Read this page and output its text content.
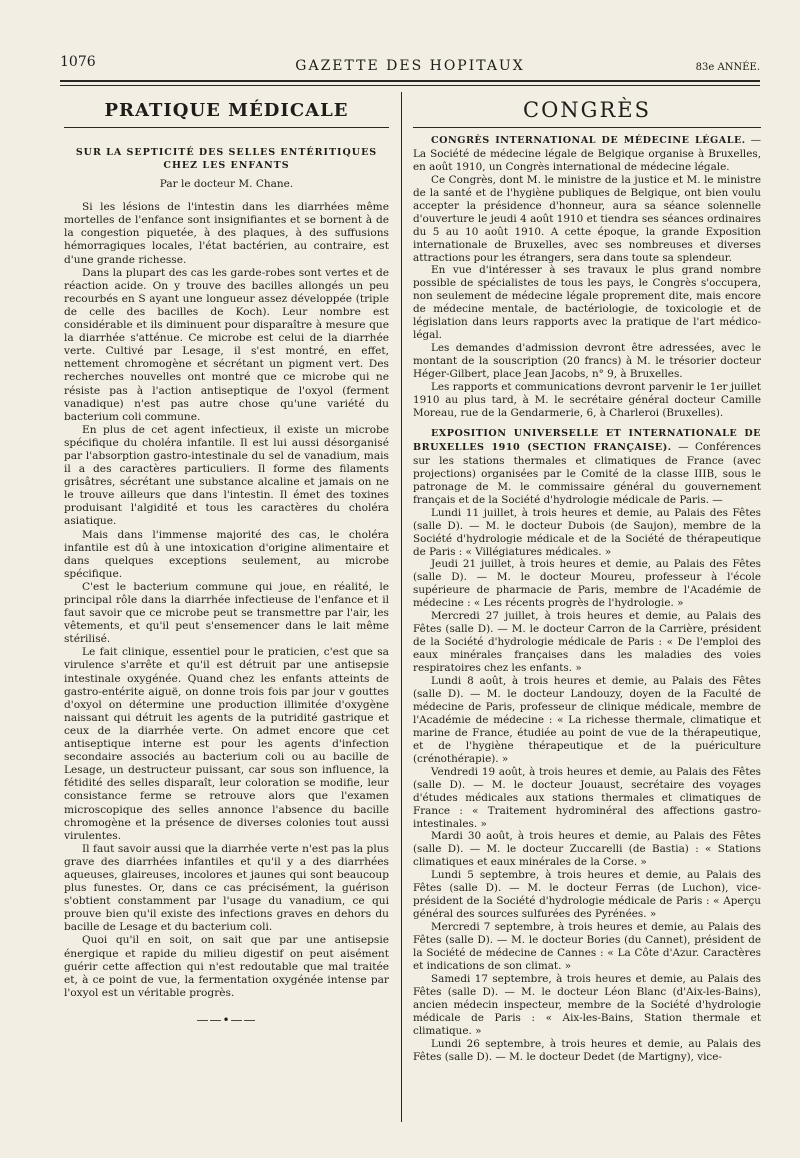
1076	GAZETTE DES HOPITAUX	83e ANNÉE.
PRATIQUE MÉDICALE
SUR LA SEPTICITÉ DES SELLES ENTÉRITIQUES CHEZ LES ENFANTS
Par le docteur M. Chane.

Si les lésions de l'intestin dans les diarrhées même mortelles de l'enfance sont insignifiantes et se bornent à de la congestion piquetée, à des plaques, à des suffusions hémorragiques locales, l'état bactérien, au contraire, est d'une grande richesse.

Dans la plupart des cas les garde-robes sont vertes et de réaction acide. On y trouve des bacilles allongés un peu recourbés en S ayant une longueur assez développée (triple de celle des bacilles de Koch). Leur nombre est considérable et ils diminuent pour disparaître à mesure que la diarrhée s'atténue. Ce microbe est celui de la diarrhée verte. Cultivé par Lesage, il s'est montré, en effet, nettement chromogène et sécrétant un pigment vert. Des recherches nouvelles ont montré que ce microbe qui ne résiste pas à l'action antiseptique de l'oxyol (ferment vanadique) n'est pas autre chose qu'une variété du bacterium coli commune.

En plus de cet agent infectieux, il existe un microbe spécifique du choléra infantile. Il est lui aussi désorganisé par l'absorption gastro-intestinale du sel de vanadium, mais il a des caractères particuliers. Il forme des filaments grisâtres, sécrétant une substance alcaline et jamais on ne le trouve ailleurs que dans l'intestin. Il émet des toxines produisant l'algidité et tous les caractères du choléra asiatique.

Mais dans l'immense majorité des cas, le choléra infantile est dû à une intoxication d'origine alimentaire et dans quelques exceptions seulement, au microbe spécifique.

C'est le bacterium commune qui joue, en réalité, le principal rôle dans la diarrhée infectieuse de l'enfance et il faut savoir que ce microbe peut se transmettre par l'air, les vêtements, et qu'il peut s'ensemencer dans le lait même stérilisé.

Le fait clinique, essentiel pour le praticien, c'est que sa virulence s'arrête et qu'il est détruit par une antisepsie intestinale oxygénée. Quand chez les enfants atteints de gastro-entérite aiguë, on donne trois fois par jour v gouttes d'oxyol on détermine une production illimitée d'oxygène naissant qui détruit les agents de la putridité gastrique et ceux de la diarrhée verte. On admet encore que cet antiseptique interne est pour les agents d'infection secondaire associés au bacterium coli ou au bacille de Lesage, un destructeur puissant, car sous son influence, la fétidité des selles disparaît, leur coloration se modifie, leur consistance ferme se retrouve alors que l'examen microscopique des selles annonce l'absence du bacille chromogène et la présence de diverses colonies tout aussi virulentes.

Il faut savoir aussi que la diarrhée verte n'est pas la plus grave des diarrhées infantiles et qu'il y a des diarrhées aqueuses, glaireuses, incolores et jaunes qui sont beaucoup plus funestes. Or, dans ce cas précisément, la guérison s'obtient constamment par l'usage du vanadium, ce qui prouve bien qu'il existe des infections graves en dehors du bacille de Lesage et du bacterium coli.

Quoi qu'il en soit, on sait que par une antisepsie énergique et rapide du milieu digestif on peut aisément guérir cette affection qui n'est redoutable que mal traitée et, à ce point de vue, la fermentation oxygénée intense par l'oxyol est un véritable progrès.

——•——
CONGRÈS

CONGRÈS INTERNATIONAL DE MÉDECINE LÉGALE. — La Société de médecine légale de Belgique organise à Bruxelles, en août 1910, un Congrès international de médecine légale.

Ce Congrès, dont M. le ministre de la justice et M. le ministre de la santé et de l'hygiène publiques de Belgique, ont bien voulu accepter la présidence d'honneur, aura sa séance solennelle d'ouverture le jeudi 4 août 1910 et tiendra ses séances ordinaires du 5 au 10 août 1910. A cette époque, la grande Exposition internationale de Bruxelles, avec ses nombreuses et diverses attractions pour les étrangers, sera dans toute sa splendeur.

En vue d'intéresser à ses travaux le plus grand nombre possible de spécialistes de tous les pays, le Congrès s'occupera, non seulement de médecine légale proprement dite, mais encore de médecine mentale, de bactériologie, de toxicologie et de législation dans leurs rapports avec la pratique de l'art médico-légal.

Les demandes d'admission devront être adressées, avec le montant de la souscription (20 francs) à M. le trésorier docteur Héger-Gilbert, place Jean Jacobs, n° 9, à Bruxelles.

Les rapports et communications devront parvenir le 1er juillet 1910 au plus tard, à M. le secrétaire général docteur Camille Moreau, rue de la Gendarmerie, 6, à Charleroi (Bruxelles).

EXPOSITION UNIVERSELLE ET INTERNATIONALE DE BRUXELLES 1910 (SECTION FRANÇAISE). — Conférences sur les stations thermales et climatiques de France (avec projections) organisées par le Comité de la classe IIIB, sous le patronage de M. le commissaire général du gouvernement français et de la Société d'hydrologie médicale de Paris. —

Lundi 11 juillet, à trois heures et demie, au Palais des Fêtes (salle D). — M. le docteur Dubois (de Saujon), membre de la Société d'hydrologie médicale et de la Société de thérapeutique de Paris : « Villégiatures médicales. »

Jeudi 21 juillet, à trois heures et demie, au Palais des Fêtes (salle D). — M. le docteur Moureu, professeur à l'école supérieure de pharmacie de Paris, membre de l'Académie de médecine : « Les récents progrès de l'hydrologie. »

Mercredi 27 juillet, à trois heures et demie, au Palais des Fêtes (salle D). — M. le docteur Carron de la Carrière, président de la Société d'hydrologie médicale de Paris : « De l'emploi des eaux minérales françaises dans les maladies des voies respiratoires chez les enfants. »

Lundi 8 août, à trois heures et demie, au Palais des Fêtes (salle D). — M. le docteur Landouzy, doyen de la Faculté de médecine de Paris, professeur de clinique médicale, membre de l'Académie de médecine : « La richesse thermale, climatique et marine de France, étudiée au point de vue de la thérapeutique, et de l'hygiène thérapeutique et de la puériculture (crénothérapie). »

Vendredi 19 août, à trois heures et demie, au Palais des Fêtes (salle D). — M. le docteur Jouaust, secrétaire des voyages d'études médicales aux stations thermales et climatiques de France : « Traitement hydrominéral des affections gastro-intestinales. »

Mardi 30 août, à trois heures et demie, au Palais des Fêtes (salle D). — M. le docteur Zuccarelli (de Bastia) : « Stations climatiques et eaux minérales de la Corse. »

Lundi 5 septembre, à trois heures et demie, au Palais des Fêtes (salle D). — M. le docteur Ferras (de Luchon), vice-président de la Société d'hydrologie médicale de Paris : « Aperçu général des sources sulfurées des Pyrénées. »

Mercredi 7 septembre, à trois heures et demie, au Palais des Fêtes (salle D). — M. le docteur Bories (du Cannet), président de la Société de médecine de Cannes : « La Côte d'Azur. Caractères et indications de son climat. »

Samedi 17 septembre, à trois heures et demie, au Palais des Fêtes (salle D). — M. le docteur Léon Blanc (d'Aix-les-Bains), ancien médecin inspecteur, membre de la Société d'hydrologie médicale de Paris : « Aix-les-Bains, Station thermale et climatique. »

Lundi 26 septembre, à trois heures et demie, au Palais des Fêtes (salle D). — M. le docteur Dedet (de Martigny), vice-
